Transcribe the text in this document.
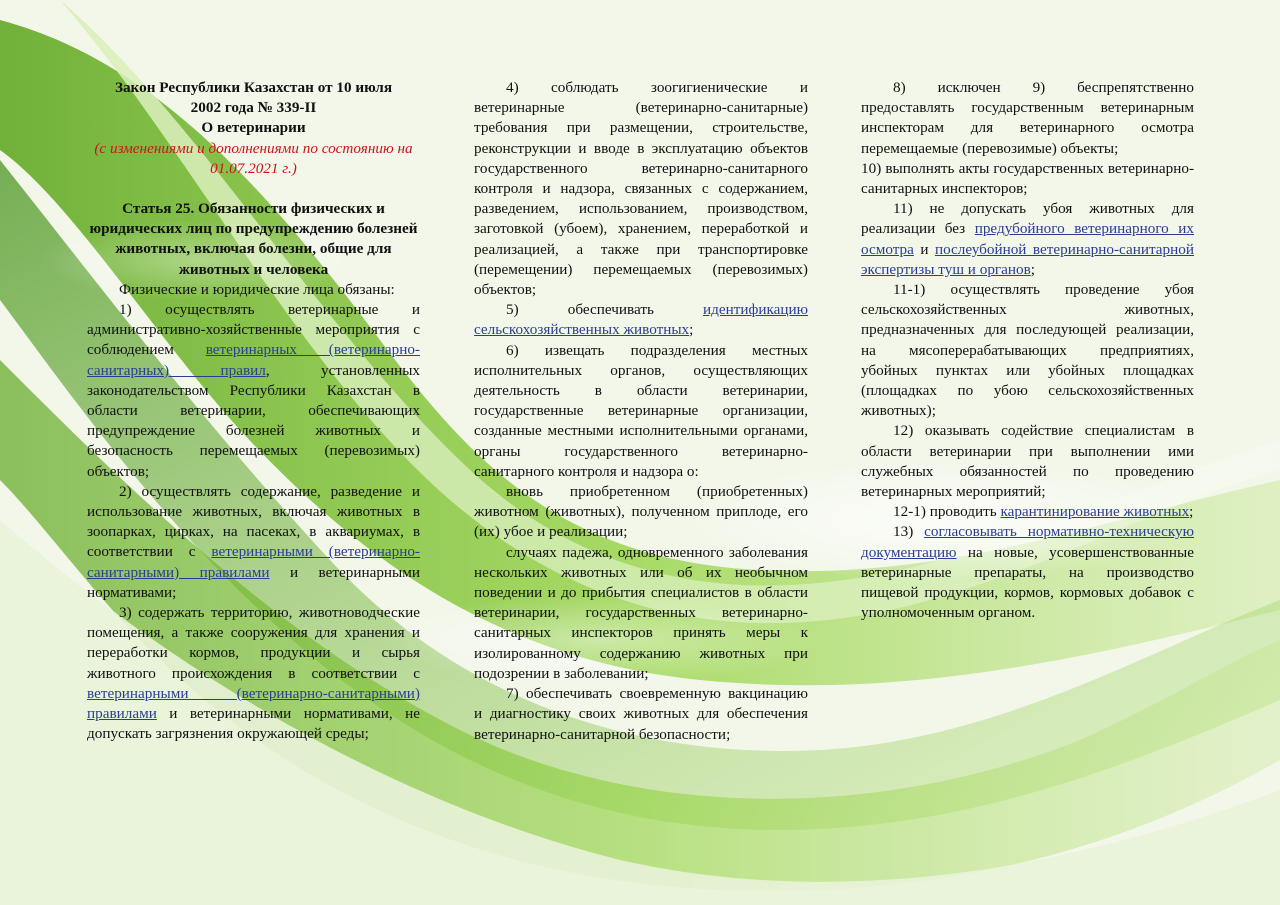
Закон Республики Казахстан от 10 июля

2002 года № 339-II

О ветеринарии

(с изменениями и дополнениями по состоянию на 01.07.2021 г.)

Статья 25. Обязанности физических и юридических лиц по предупреждению болезней животных, включая болезни, общие для животных и человека

Физические и юридические лица обязаны:

1) осуществлять ветеринарные и административно-хозяйственные мероприятия с соблюдением ветеринарных (ветеринарно-санитарных) правил, установленных законодательством Республики Казахстан в области ветеринарии, обеспечивающих предупреждение болезней животных и безопасность перемещаемых (перевозимых) объектов;

2) осуществлять содержание, разведение и использование животных, включая животных в зоопарках, цирках, на пасеках, в аквариумах, в соответствии с ветеринарными (ветеринарно-санитарными) правилами и ветеринарными нормативами;

3) содержать территорию, животноводческие помещения, а также сооружения для хранения и переработки кормов, продукции и сырья животного происхождения в соответствии с ветеринарными (ветеринарно-санитарными) правилами и ветеринарными нормативами, не допускать загрязнения окружающей среды;

4) соблюдать зоогигиенические и ветеринарные (ветеринарно-санитарные) требования при размещении, строительстве, реконструкции и вводе в эксплуатацию объектов государственного ветеринарно-санитарного контроля и надзора, связанных с содержанием, разведением, использованием, производством, заготовкой (убоем), хранением, переработкой и реализацией, а также при транспортировке (перемещении) перемещаемых (перевозимых) объектов;

5) обеспечивать идентификацию сельскохозяйственных животных;

6) извещать подразделения местных исполнительных органов, осуществляющих деятельность в области ветеринарии, государственные ветеринарные организации, созданные местными исполнительными органами, органы государственного ветеринарно-санитарного контроля и надзора о:

вновь приобретенном (приобретенных) животном (животных), полученном приплоде, его (их) убое и реализации;

случаях падежа, одновременного заболевания нескольких животных или об их необычном поведении и до прибытия специалистов в области ветеринарии, государственных ветеринарно-санитарных инспекторов принять меры к изолированному содержанию животных при подозрении в заболевании;

7) обеспечивать своевременную вакцинацию и диагностику своих животных для обеспечения ветеринарно-санитарной безопасности;

8) исключен 9) беспрепятственно предоставлять государственным ветеринарным инспекторам для ветеринарного осмотра перемещаемые (перевозимые) объекты;

10) выполнять акты государственных ветеринарно-санитарных инспекторов;

11) не допускать убоя животных для реализации без предубойного ветеринарного их осмотра и послеубойной ветеринарно-санитарной экспертизы туш и органов;

11-1) осуществлять проведение убоя сельскохозяйственных животных, предназначенных для последующей реализации, на мясоперерабатывающих предприятиях, убойных пунктах или убойных площадках (площадках по убою сельскохозяйственных животных);

12) оказывать содействие специалистам в области ветеринарии при выполнении ими служебных обязанностей по проведению ветеринарных мероприятий;

12-1) проводить карантинирование животных;

13) согласовывать нормативно-техническую документацию на новые, усовершенствованные ветеринарные препараты, на производство пищевой продукции, кормов, кормовых добавок с уполномоченным органом.
